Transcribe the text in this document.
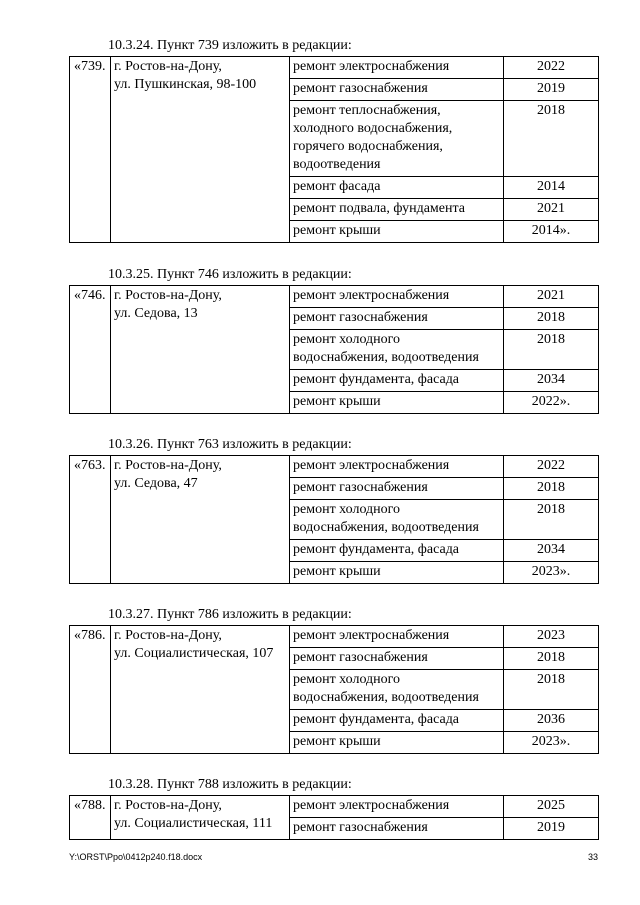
10.3.24. Пункт 739 изложить в редакции:
«739.	г. Ростов-на-Дону,
ул. Пушкинская, 98-100	ремонт электроснабжения	2022
		ремонт газоснабжения	2019
		ремонт теплоснабжения,
холодного водоснабжения,
горячего водоснабжения,
водоотведения	2018
		ремонт фасада	2014
		ремонт подвала, фундамента	2021
		ремонт крыши	2014».
10.3.25. Пункт 746 изложить в редакции:
«746.	г. Ростов-на-Дону,
ул. Седова, 13	ремонт электроснабжения	2021
		ремонт газоснабжения	2018
		ремонт холодного
водоснабжения, водоотведения	2018
		ремонт фундамента, фасада	2034
		ремонт крыши	2022».
10.3.26. Пункт 763 изложить в редакции:
«763.	г. Ростов-на-Дону,
ул. Седова, 47	ремонт электроснабжения	2022
		ремонт газоснабжения	2018
		ремонт холодного
водоснабжения, водоотведения	2018
		ремонт фундамента, фасада	2034
		ремонт крыши	2023».
10.3.27. Пункт 786 изложить в редакции:
«786.	г. Ростов-на-Дону,
ул. Социалистическая, 107	ремонт электроснабжения	2023
		ремонт газоснабжения	2018
		ремонт холодного
водоснабжения, водоотведения	2018
		ремонт фундамента, фасада	2036
		ремонт крыши	2023».
10.3.28. Пункт 788 изложить в редакции:
«788.	г. Ростов-на-Дону,
ул. Социалистическая, 111	ремонт электроснабжения	2025
		ремонт газоснабжения	2019
Y:\ORST\Ppo\0412p240.f18.docx	33
